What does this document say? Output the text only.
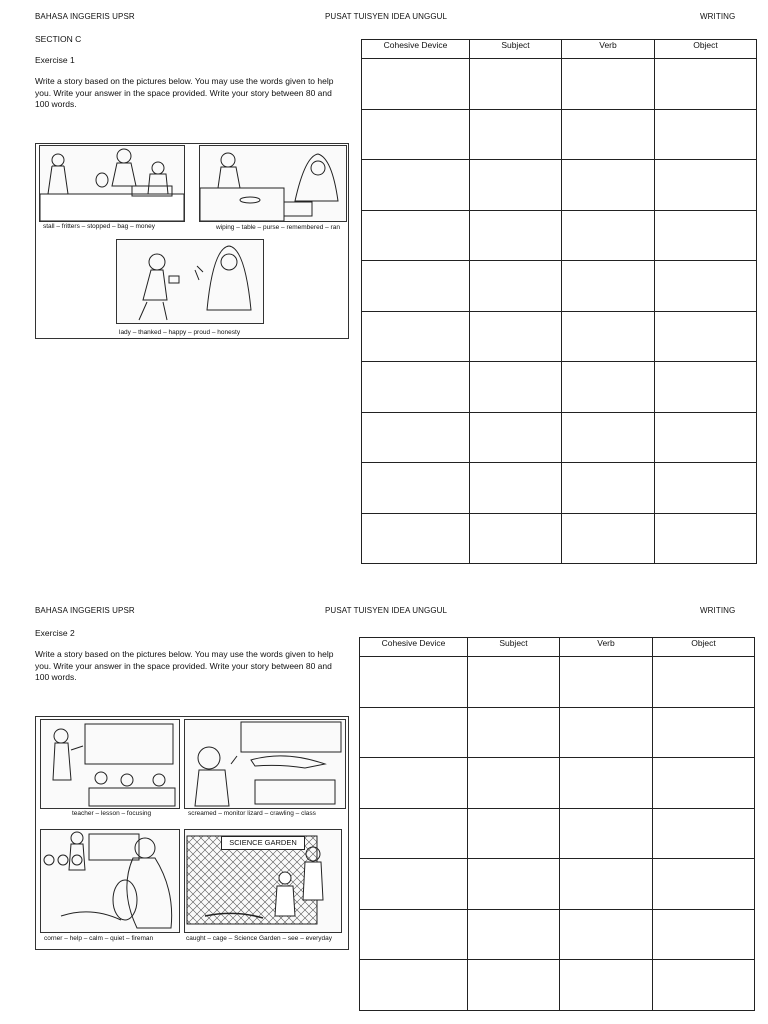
BAHASA INGGERIS UPSR	PUSAT TUISYEN IDEA UNGGUL	WRITING
SECTION C
Exercise 1
Write a story based on the pictures below. You may use the words given to help you. Write your answer in the space provided. Write your story between 80 and 100 words.
stall – fritters – stopped – bag – money	wiping – table – purse – remembered – ran
lady – thanked – happy – proud – honesty
Cohesive Device	Subject	Verb	Object

BAHASA INGGERIS UPSR	PUSAT TUISYEN IDEA UNGGUL	WRITING
Exercise 2
Write a story based on the pictures below. You may use the words given to help you. Write your answer in the space provided. Write your story between 80 and 100 words.
teacher – lesson – focusing	screamed – monitor lizard – crawling – class
SCIENCE GARDEN
corner – help – calm – quiet – fireman	caught – cage – Science Garden – see – everyday
Cohesive Device	Subject	Verb	Object
